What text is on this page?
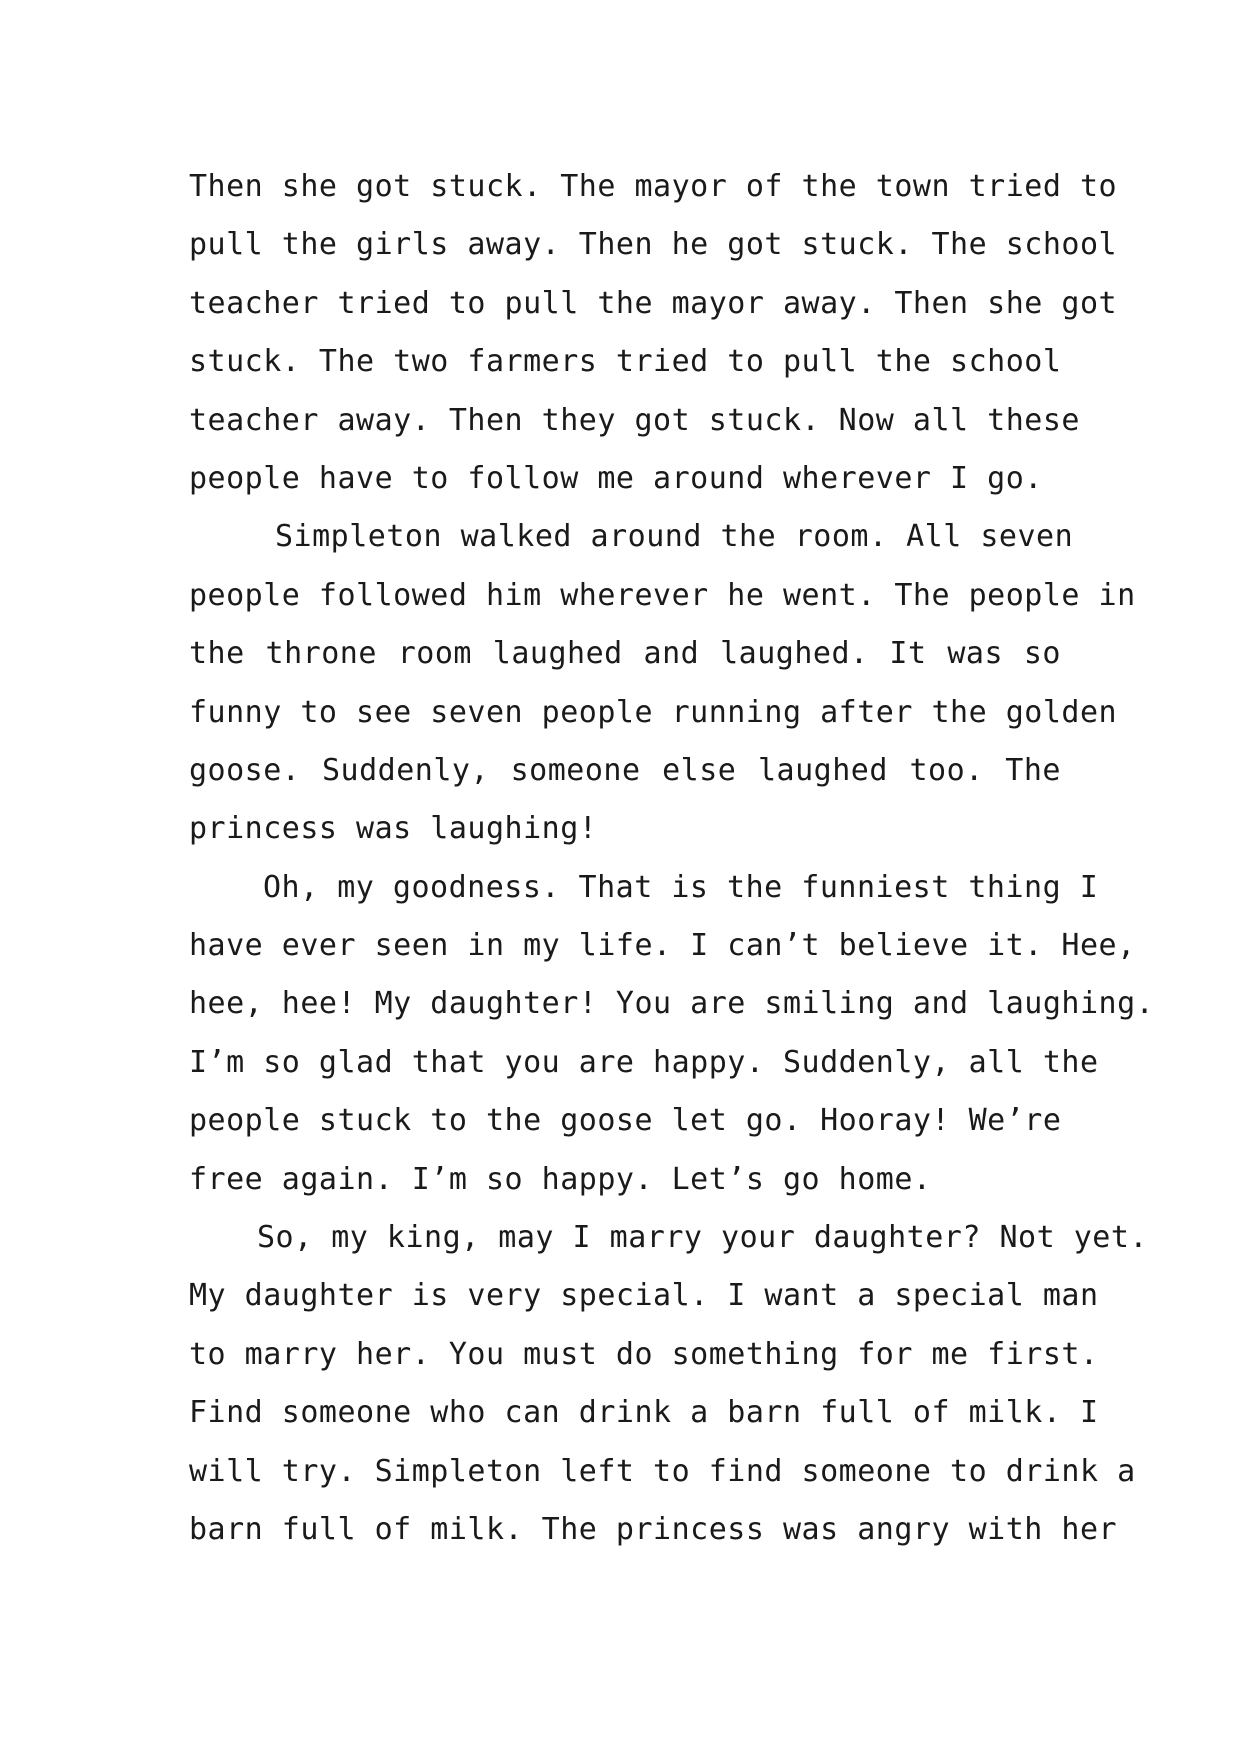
Then she got stuck. The mayor of the town tried to
pull the girls away. Then he got stuck. The school
teacher tried to pull the mayor away. Then she got
stuck. The two farmers tried to pull the school
teacher away. Then they got stuck. Now all these
people have to follow me around wherever I go.
Simpleton walked around the room. All seven
people followed him wherever he went. The people in
the throne room laughed and laughed. It was so
funny to see seven people running after the golden
goose. Suddenly, someone else laughed too. The
princess was laughing!
Oh, my goodness. That is the funniest thing I
have ever seen in my life. I can’t believe it. Hee,
hee, hee! My daughter! You are smiling and laughing.
I’m so glad that you are happy. Suddenly, all the
people stuck to the goose let go. Hooray! We’re
free again. I’m so happy. Let’s go home.
So, my king, may I marry your daughter? Not yet.
My daughter is very special. I want a special man
to marry her. You must do something for me first.
Find someone who can drink a barn full of milk. I
will try. Simpleton left to find someone to drink a
barn full of milk. The princess was angry with her
